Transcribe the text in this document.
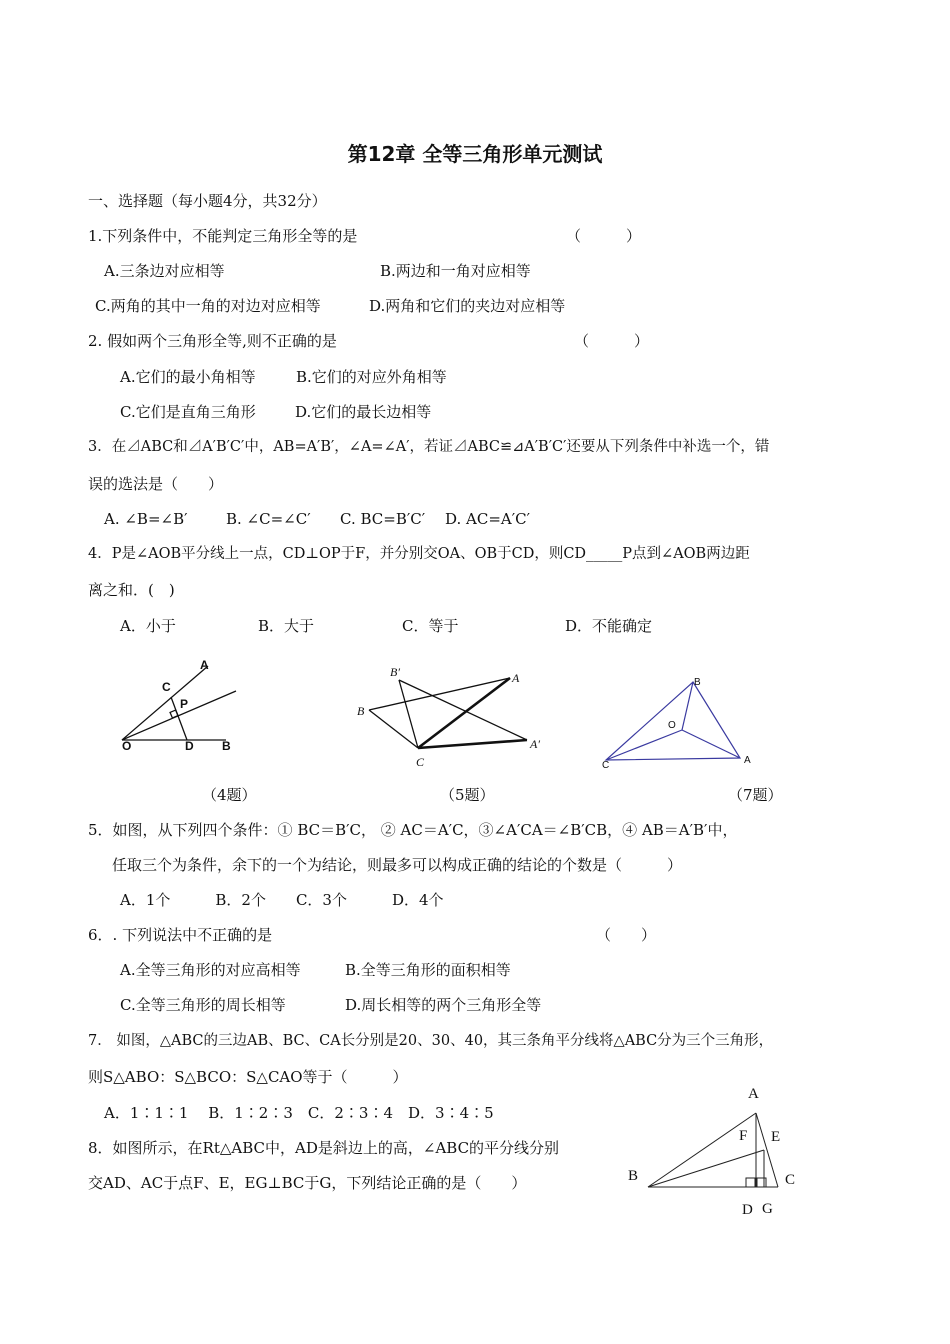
第12章 全等三角形单元测试
一、选择题（每小题4分，共32分）
1.下列条件中，不能判定三角形全等的是	（　　　）
A.三条边对应相等	B.两边和一角对应相等
C.两角的其中一角的对边对应相等	D.两角和它们的夹边对应相等
2. 假如两个三角形全等,则不正确的是	（　　　）
A.它们的最小角相等	B.它们的对应外角相等
C.它们是直角三角形	D.它们的最长边相等
3．在⊿ABC和⊿A′B′C′中，AB=A′B′，∠A=∠A′，若证⊿ABC≌⊿A′B′C′还要从下列条件中补选一个，错
误的选法是（　　）
A. ∠B=∠B′	B. ∠C=∠C′ C. BC=B′C′ D. AC=A′C′
4．P是∠AOB平分线上一点，CD⊥OP于F，并分别交OA、OB于CD，则CD_____P点到∠AOB两边距
离之和．(　)
A．小于	B．大于	C．等于	D．不能确定
A
C
P
O	D B
B′	A
B
A′
C
B
O
A
C
（4题）	（5题）	（7题）
5．如图，从下列四个条件：① BC＝B′C， ② AC＝A′C，③∠A′CA＝∠B′CB，④ AB＝A′B′中，
任取三个为条件，余下的一个为结论，则最多可以构成正确的结论的个数是（　　　）
A．1个　　　B．2个　　C．3个　　　D．4个
6．. 下列说法中不正确的是	（　　）
A.全等三角形的对应高相等	B.全等三角形的面积相等
C.全等三角形的周长相等	D.周长相等的两个三角形全等
7． 如图，△ABC的三边AB、BC、CA长分别是20、30、40，其三条角平分线将△ABC分为三个三角形，
则S△ABO：S△BCO：S△CAO等于（　　　）
A．1∶1∶1　 B．1∶2∶3　C．2∶3∶4　D．3∶4∶5
8．如图所示，在Rt△ABC中，AD是斜边上的高，∠ABC的平分线分别
交AD、AC于点F、E，EG⊥BC于G，下列结论正确的是（　　）
A
F E
B	C
D G
